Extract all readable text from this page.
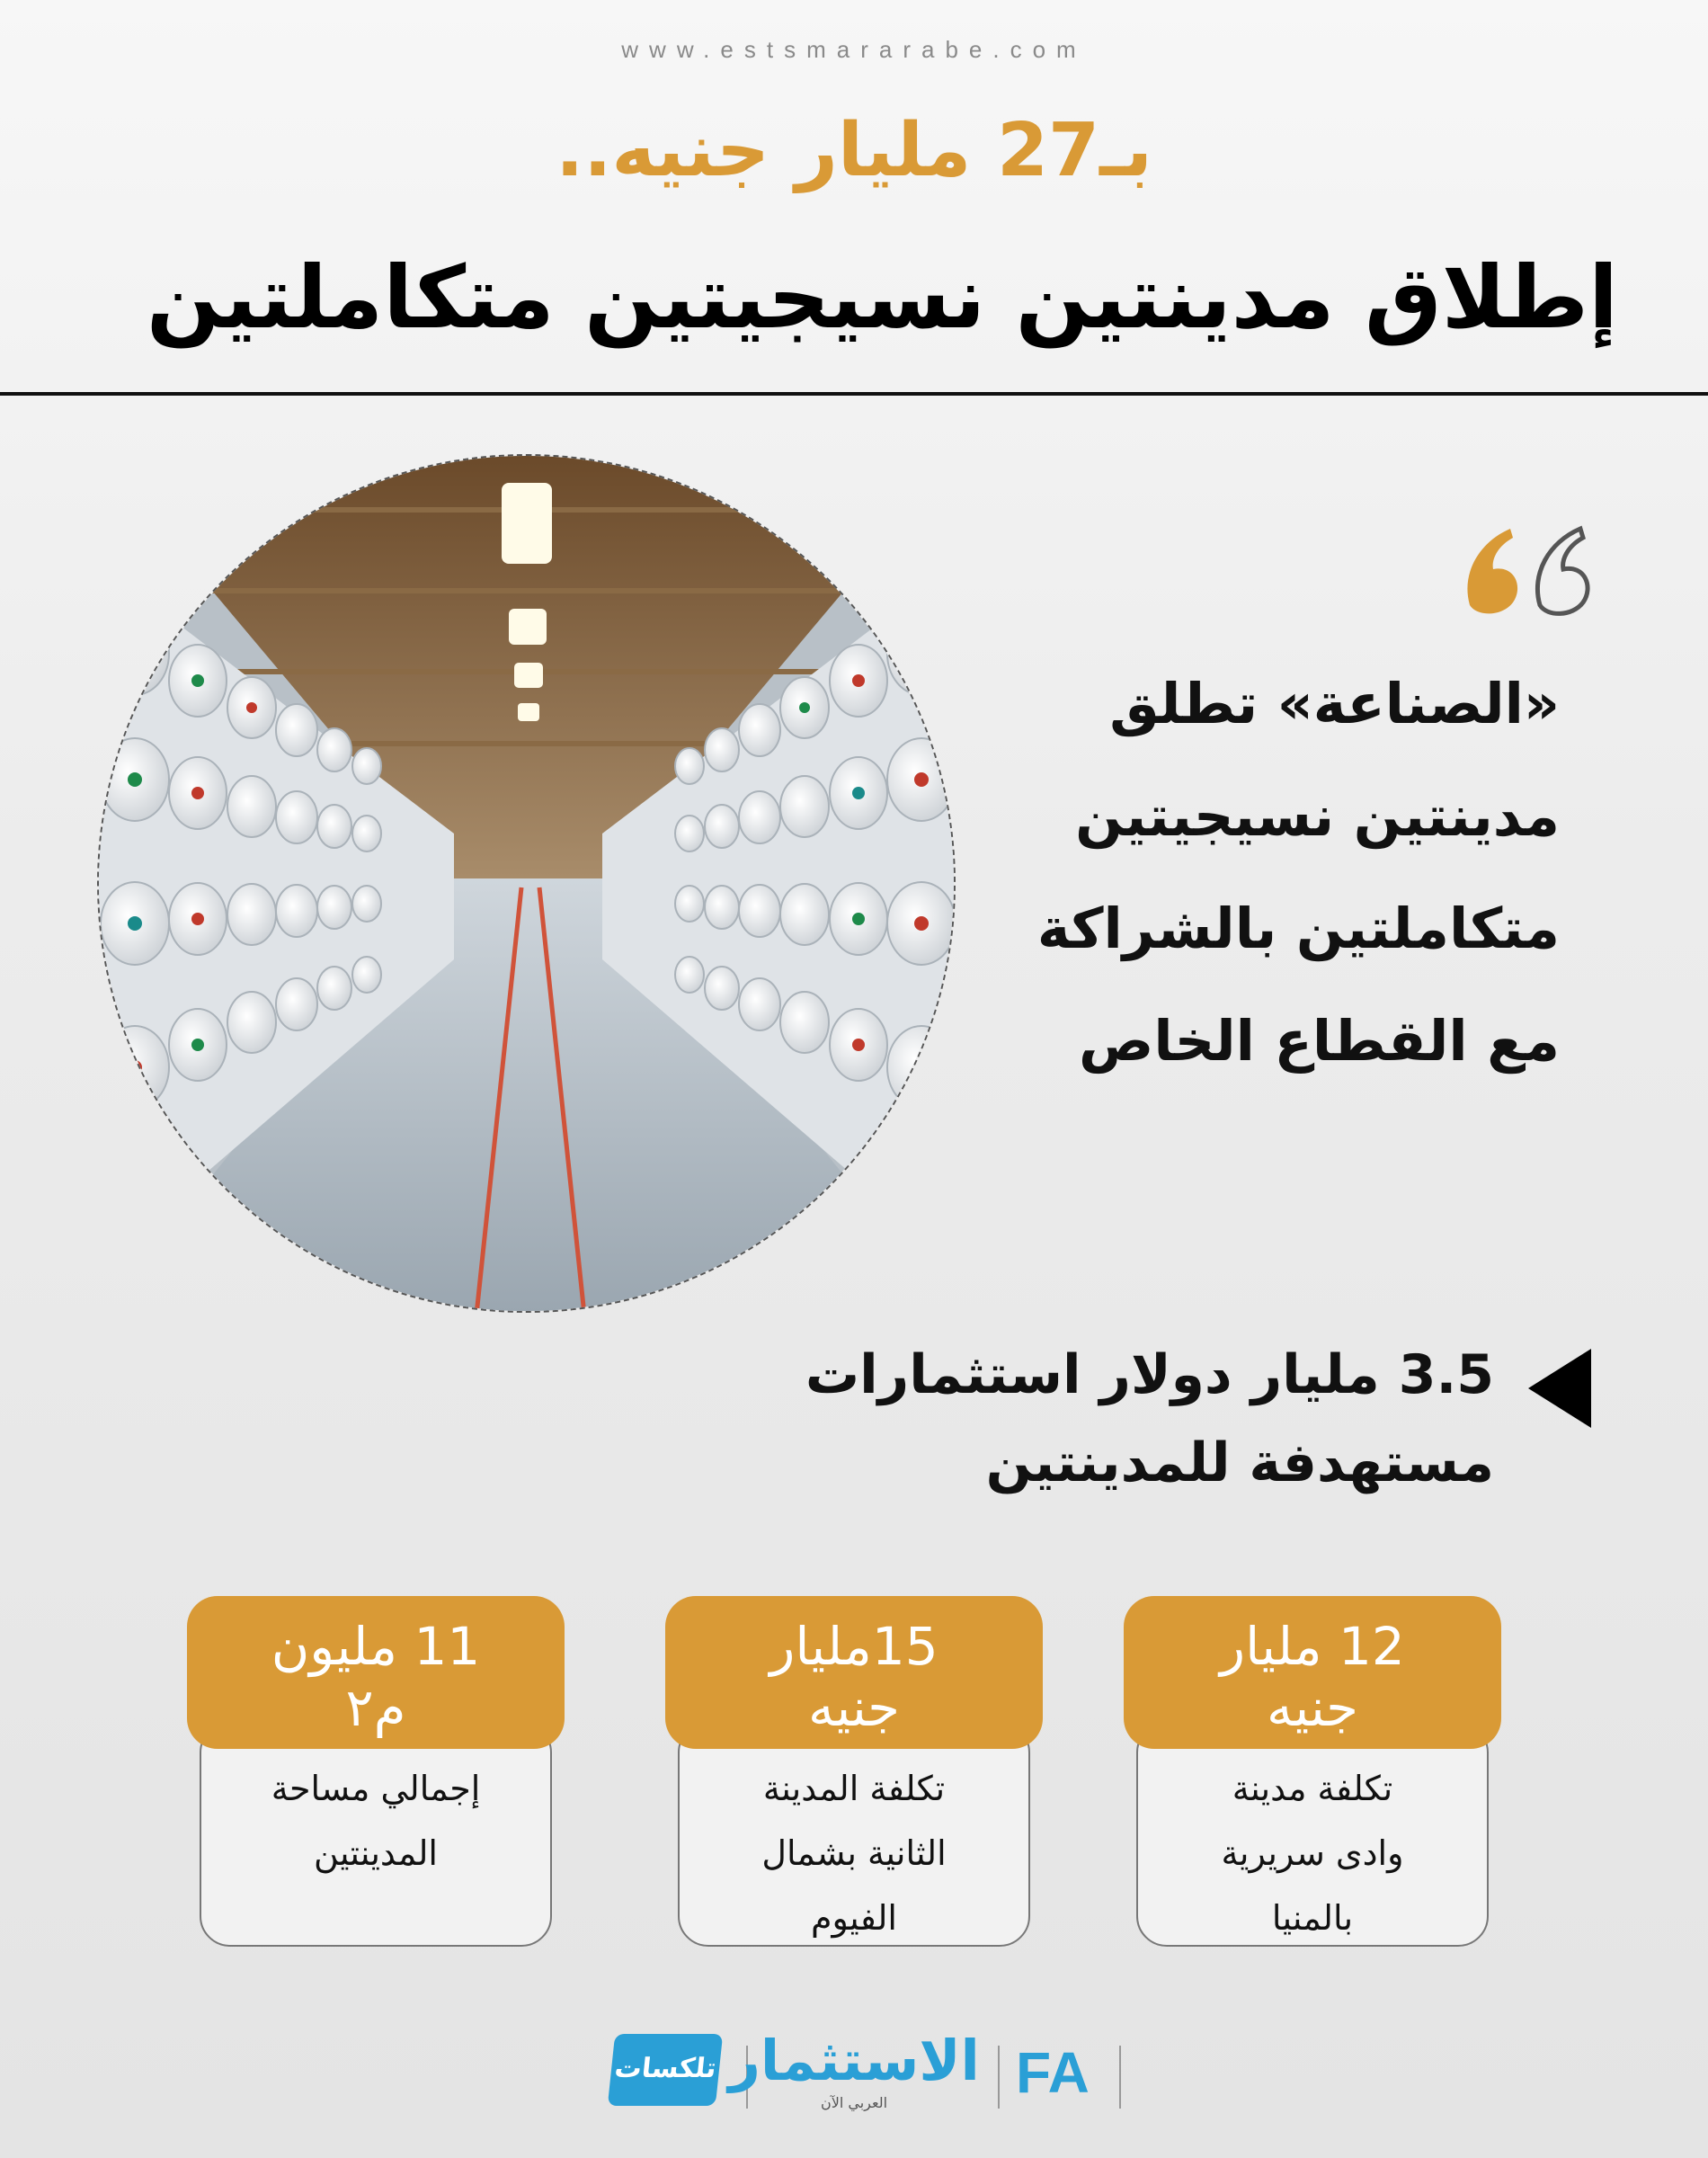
www.estsmararabe.com
بـ27 مليار جنيه..
إطلاق مدينتين نسيجيتين متكاملتين
«الصناعة» تطلق
مدينتين نسيجيتين
متكاملتين بالشراكة
مع القطاع الخاص
3.5 مليار دولار استثمارات
مستهدفة للمدينتين
12 مليار
جنيه
تكلفة مدينة
وادى سريرية
بالمنيا
15مليار
جنيه
تكلفة المدينة
الثانية بشمال
الفيوم
11 مليون
م٢
إجمالي مساحة
المدينتين
تلكسات الاستثمار
العربي الآن	FA
